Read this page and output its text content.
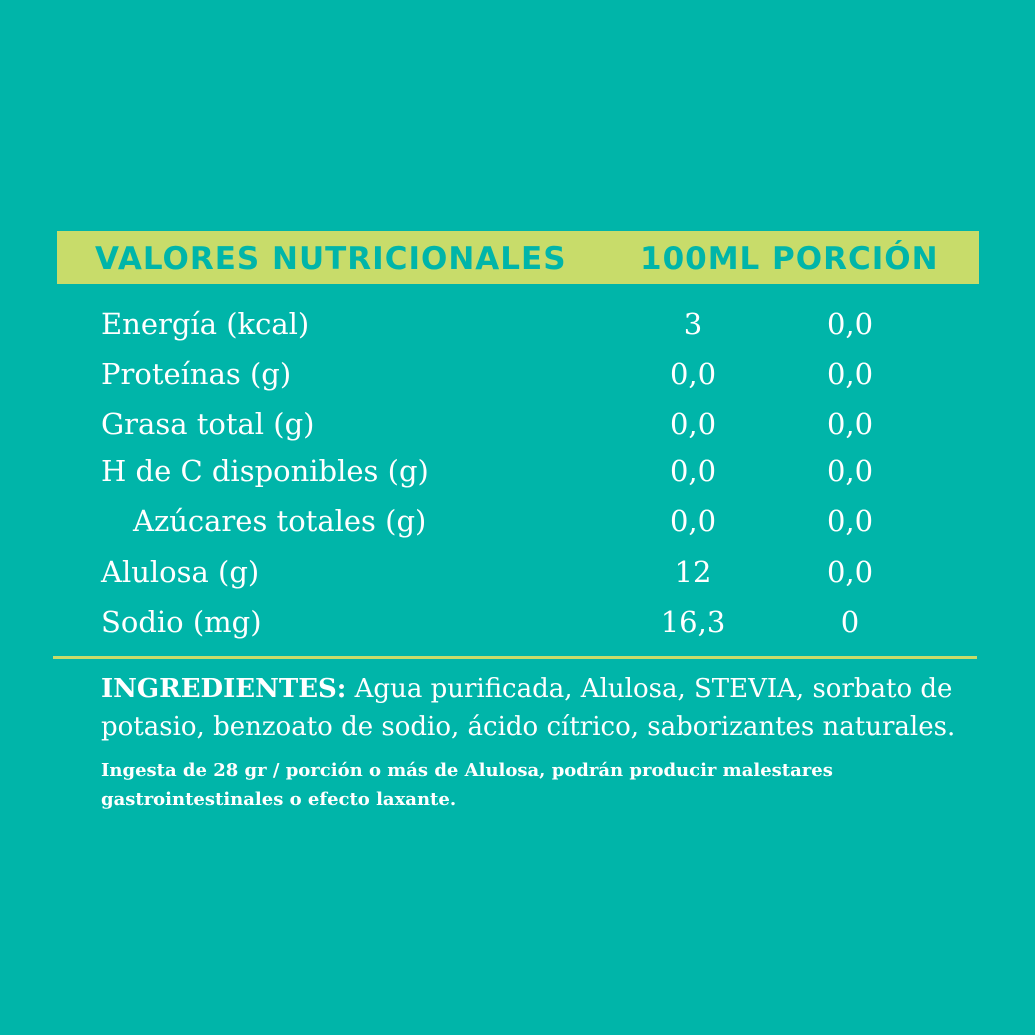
VALORES NUTRICIONALES 100ML PORCIÓN
Energía (kcal)	3	0,0
Proteínas (g)	0,0	0,0
Grasa total (g)	0,0	0,0
H de C disponibles (g)	0,0	0,0
Azúcares totales (g)	0,0	0,0
Alulosa (g)	12	0,0
Sodio (mg)	16,3	0
INGREDIENTES: Agua purificada, Alulosa, STEVIA, sorbato de potasio, benzoato de sodio, ácido cítrico, saborizantes naturales.
Ingesta de 28 gr / porción o más de Alulosa, podrán producir malestares gastrointestinales o efecto laxante.
